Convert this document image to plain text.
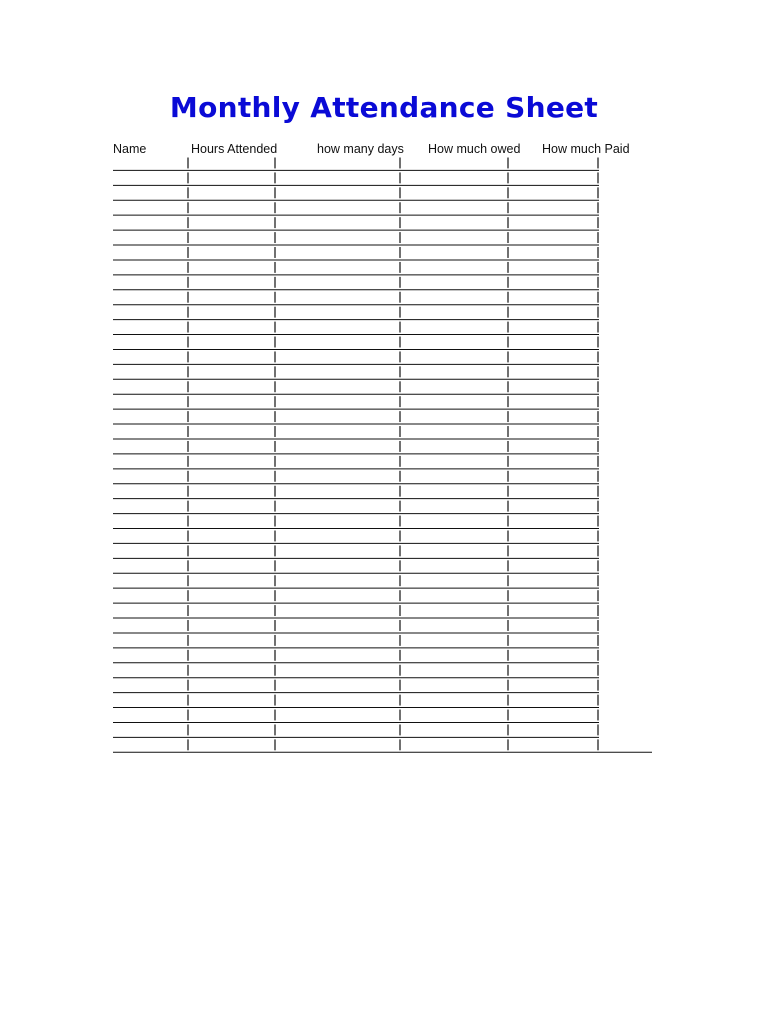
Monthly Attendance Sheet
Name	Hours Attended	how many days How much owed How much Paid
